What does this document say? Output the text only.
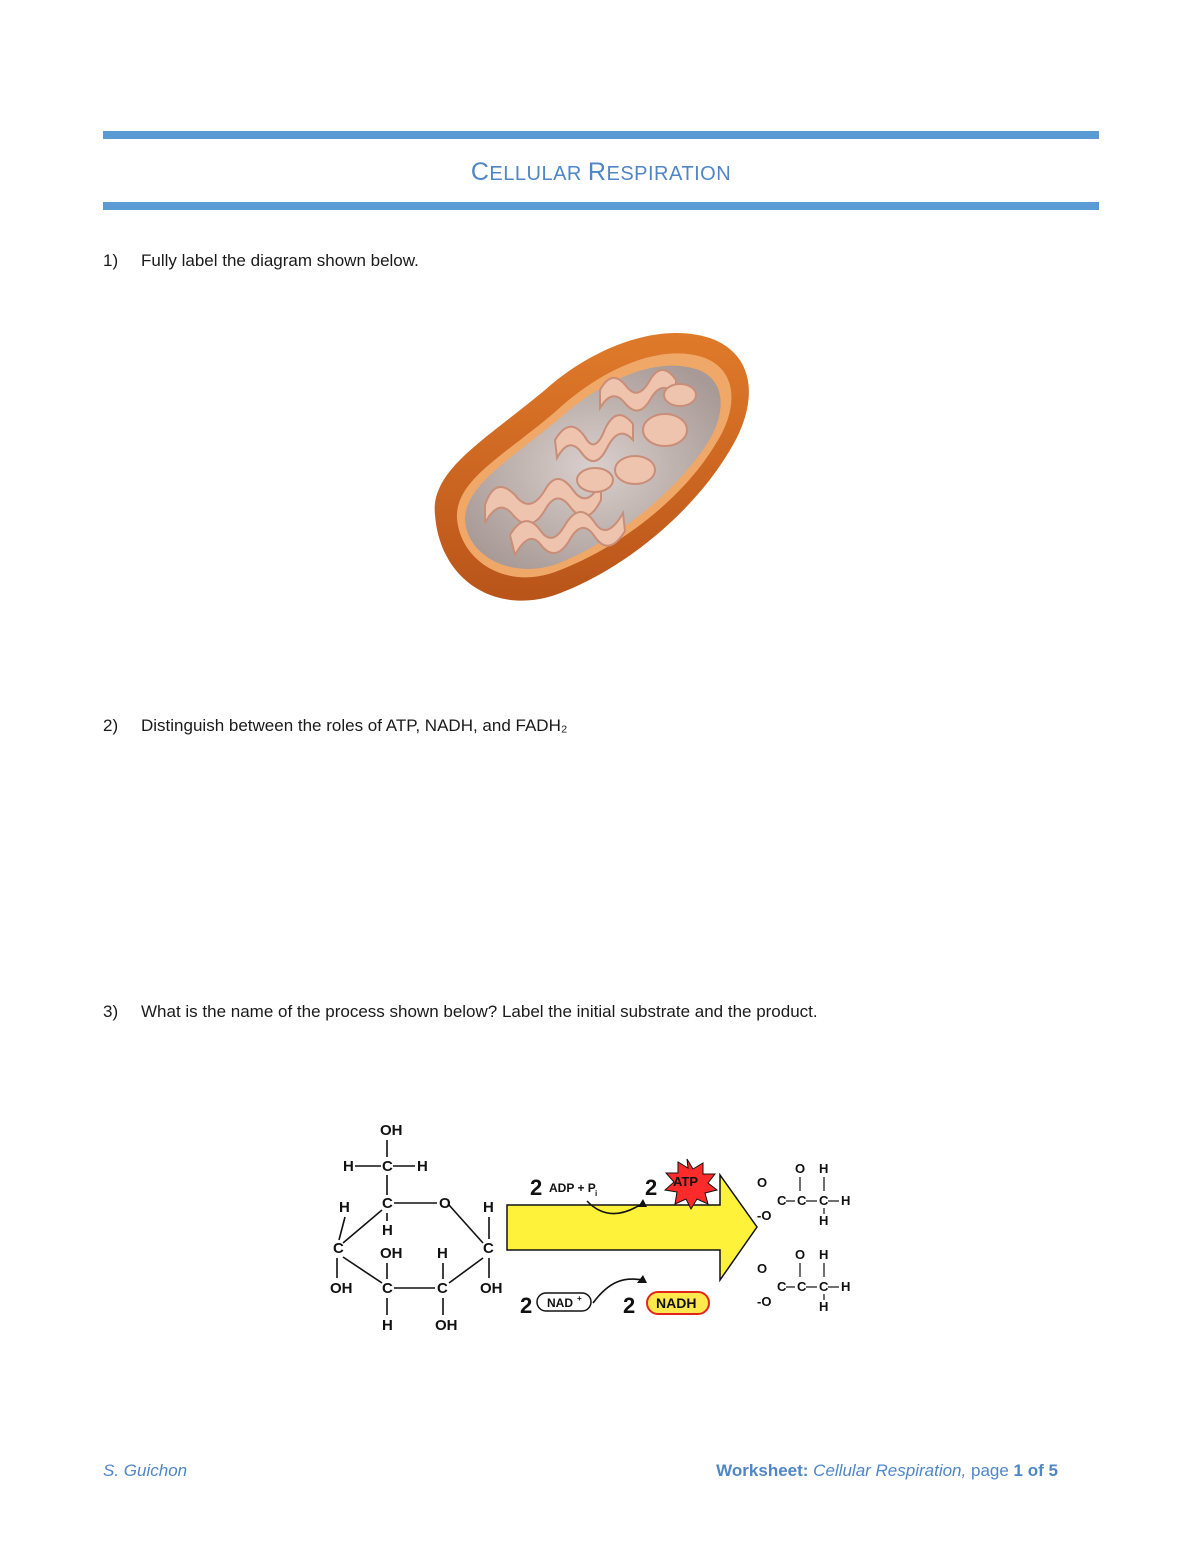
CELLULAR RESPIRATION
1) Fully label the diagram shown below.
2) Distinguish between the roles of ATP, NADH, and FADH₂
3) What is the name of the process shown below? Label the initial substrate and the product.
OH
H C H
C	O
H
H
C OH H
H
C
OH C	C OH
H	OH
2 ADP + P i 2 ATP
2 NAD + 2 NADH
O
O H
C C C H
H
-O
O
O H
C C C H
H
-O
S. Guichon	Worksheet: Cellular Respiration, page 1 of 5
